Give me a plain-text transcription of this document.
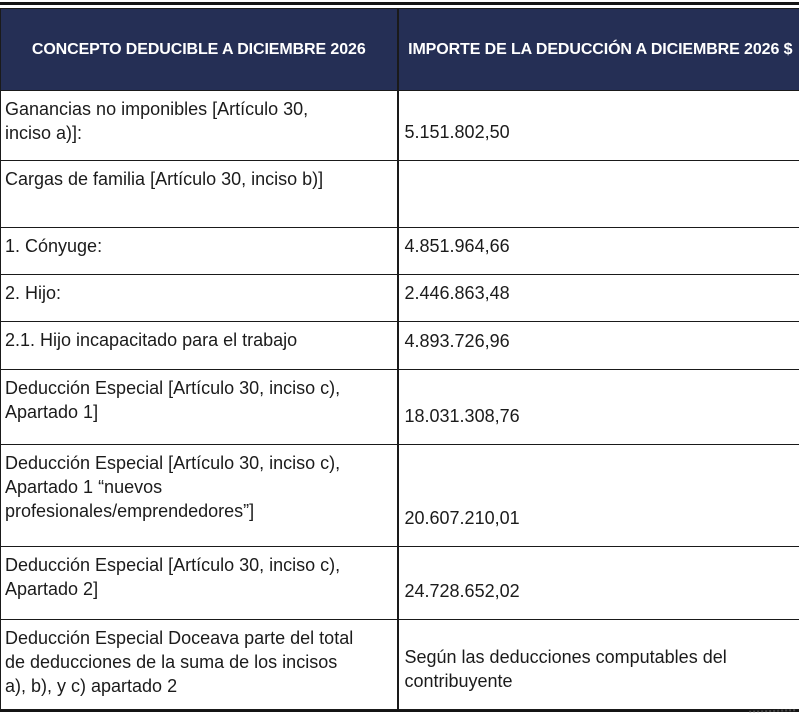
CONCEPTO DEDUCIBLE A DICIEMBRE 2026	IMPORTE DE LA DEDUCCIÓN A DICIEMBRE 2026 $
Ganancias no imponibles [Artículo 30, inciso a)]:	5.151.802,50
Cargas de familia [Artículo 30, inciso b)]	
1. Cónyuge:	4.851.964,66
2. Hijo:	2.446.863,48
2.1. Hijo incapacitado para el trabajo	4.893.726,96
Deducción Especial [Artículo 30, inciso c), Apartado 1]	18.031.308,76
Deducción Especial [Artículo 30, inciso c), Apartado 1 “nuevos profesionales/emprendedores”]	20.607.210,01
Deducción Especial [Artículo 30, inciso c), Apartado 2]	24.728.652,02
Deducción Especial Doceava parte del total de deducciones de la suma de los incisos a), b), y c) apartado 2	Según las deducciones computables del contribuyente
